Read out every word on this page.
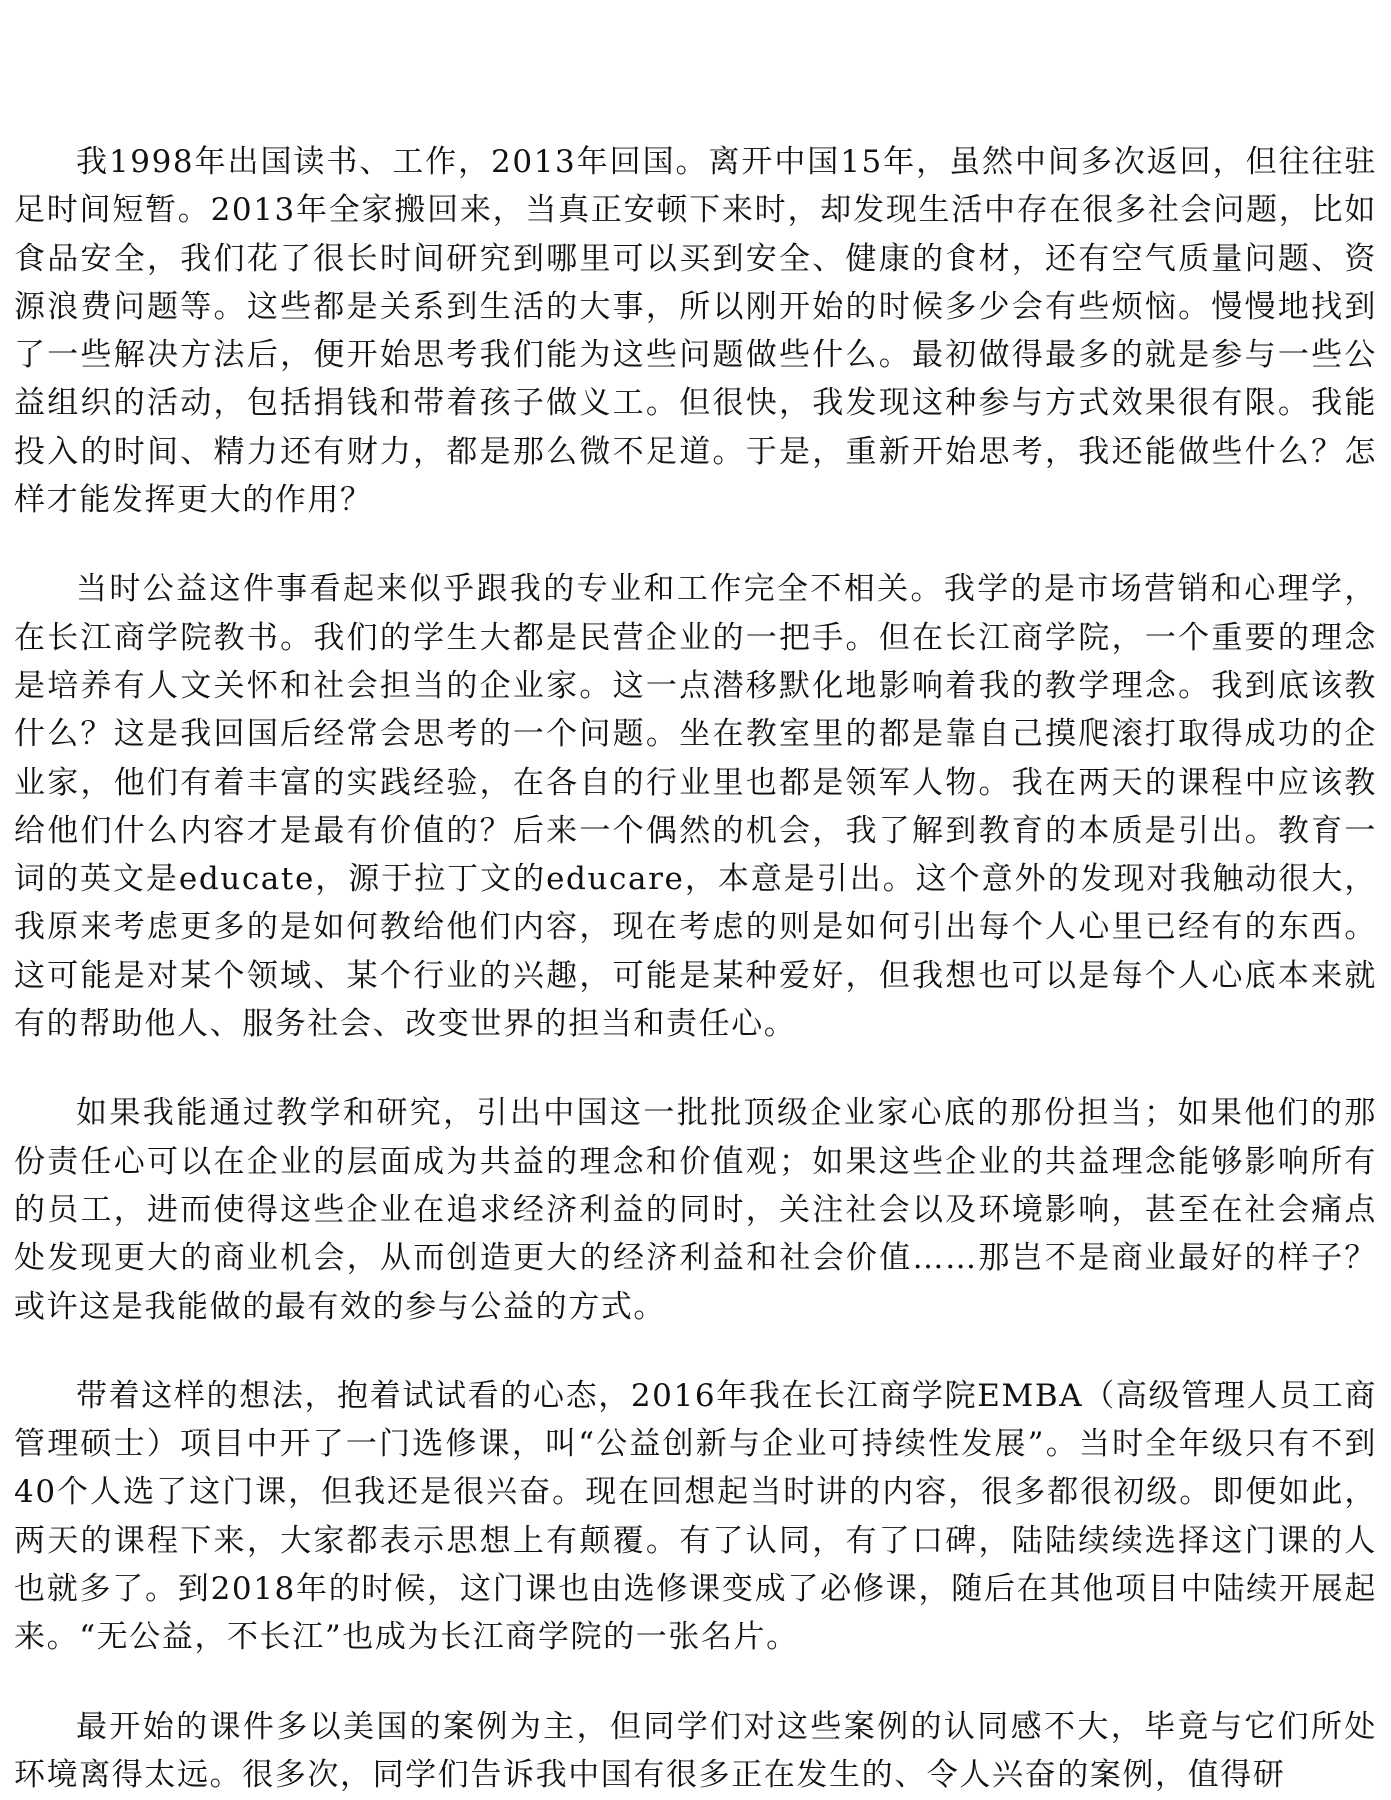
我1998年出国读书、工作，2013年回国。离开中国15年，虽然中间多次返回，但往往驻足时间短暂。2013年全家搬回来，当真正安顿下来时，却发现生活中存在很多社会问题，比如食品安全，我们花了很长时间研究到哪里可以买到安全、健康的食材，还有空气质量问题、资源浪费问题等。这些都是关系到生活的大事，所以刚开始的时候多少会有些烦恼。慢慢地找到了一些解决方法后，便开始思考我们能为这些问题做些什么。最初做得最多的就是参与一些公益组织的活动，包括捐钱和带着孩子做义工。但很快，我发现这种参与方式效果很有限。我能投入的时间、精力还有财力，都是那么微不足道。于是，重新开始思考，我还能做些什么？怎样才能发挥更大的作用？

当时公益这件事看起来似乎跟我的专业和工作完全不相关。我学的是市场营销和心理学，在长江商学院教书。我们的学生大都是民营企业的一把手。但在长江商学院，一个重要的理念是培养有人文关怀和社会担当的企业家。这一点潜移默化地影响着我的教学理念。我到底该教什么？这是我回国后经常会思考的一个问题。坐在教室里的都是靠自己摸爬滚打取得成功的企业家，他们有着丰富的实践经验，在各自的行业里也都是领军人物。我在两天的课程中应该教给他们什么内容才是最有价值的？后来一个偶然的机会，我了解到教育的本质是引出。教育一词的英文是educate，源于拉丁文的educare，本意是引出。这个意外的发现对我触动很大，我原来考虑更多的是如何教给他们内容，现在考虑的则是如何引出每个人心里已经有的东西。这可能是对某个领域、某个行业的兴趣，可能是某种爱好，但我想也可以是每个人心底本来就有的帮助他人、服务社会、改变世界的担当和责任心。

如果我能通过教学和研究，引出中国这一批批顶级企业家心底的那份担当；如果他们的那份责任心可以在企业的层面成为共益的理念和价值观；如果这些企业的共益理念能够影响所有的员工，进而使得这些企业在追求经济利益的同时，关注社会以及环境影响，甚至在社会痛点处发现更大的商业机会，从而创造更大的经济利益和社会价值……那岂不是商业最好的样子？或许这是我能做的最有效的参与公益的方式。

带着这样的想法，抱着试试看的心态，2016年我在长江商学院EMBA（高级管理人员工商管理硕士）项目中开了一门选修课，叫“公益创新与企业可持续性发展”。当时全年级只有不到40个人选了这门课，但我还是很兴奋。现在回想起当时讲的内容，很多都很初级。即便如此，两天的课程下来，大家都表示思想上有颠覆。有了认同，有了口碑，陆陆续续选择这门课的人也就多了。到2018年的时候，这门课也由选修课变成了必修课，随后在其他项目中陆续开展起来。“无公益，不长江”也成为长江商学院的一张名片。

最开始的课件多以美国的案例为主，但同学们对这些案例的认同感不大，毕竟与它们所处环境离得太远。很多次，同学们告诉我中国有很多正在发生的、令人兴奋的案例，值得研
